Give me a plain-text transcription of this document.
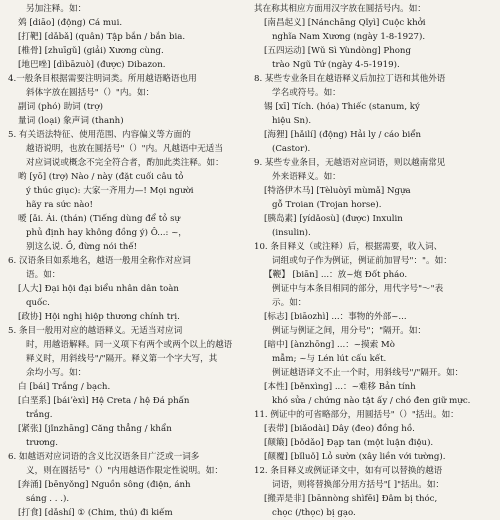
另加注释。如：
䴔 [diāo] (động) Cá mui.
[打靶] [dǎbǎ] (quân) Tập bắn / bắn bia.
[椎骨] [zhuīgǔ] (giải) Xương cùng.
[地巴唑] [dìbāzuò] (được) Dibazon.
4.一般条目根据需要注明词类。所用越语略语也用
斜体字放在圆括号"（）"内。如：
副词 (phó) 助词 (trợ)
量词 (loại) 象声词 (thanh)
5. 有关语法特征、使用范围、内容偏义等方面的
越语说明，也放在圆括号"（）"内。凡越语中无适当
对应词说或概念不完全符合者，酌加此类注释。如：
哟 [yō] (trợ) Nào / này (đặt cuối câu tỏ
ý thúc giục): 大家一齐用力—! Mọi người
hãy ra sức nào!
嗳 [ǎi. Ái. (thán) (Tiếng dùng để tỏ sự
phủ định hay không đồng ý) Ô...: ~，
别这么说. Ồ, đừng nói thế!
6. 汉语条目如系地名，越语一般用全称作对应词
语。如：
[人大] Đại hội đại biểu nhân dân toàn
quốc.
[政协] Hội nghị hiệp thương chính trị.
5. 条目一般用对应的越语释义。无适当对应词
时，用越语解释。同一义项下有两个或两个以上的越语
释义时，用斜线号"/"隔开。释义第一个字大写，其
余均小写。如：
白 [bái] Trắng / bạch.
[白垩系] [báiʼèxì] Hệ Creta / hệ Đá phấn
trắng.
[紧张] [jǐnzhāng] Căng thẳng / khẩn
trương.
6. 如越语对应词语的含义比汉语条目广泛或一词多
义，则在圆括号"（）"内用越语作限定性说明。如：
[奔涌] [bēnyǒng] Nguồn sông (điện, ánh
sáng . . .).
[打食] [dǎshí] ① (Chim, thú) đi kiếm
其在称其相应方面用汉字放在圆括号内。如：
[南昌起义] [Nánchāng Qǐyì] Cuộc khởi
nghĩa Nam Xương (ngày 1-8-1927).
[五四运动] [Wǔ Sì Yùndòng] Phong
trào Ngũ Tứ (ngày 4-5-1919).
8. 某些专业条目在越语释义后加拉丁语和其他外语
学名或符号。如：
锡 [xī] Tích. (hóa) Thiếc (stanum, ký
hiệu Sn).
[海狸] [hǎilí] (động) Hải ly / cáo biển
(Castor).
9. 某些专业条目，无越语对应词语，则以越南常见
外来语释义。如：
[特洛伊木马] [Tèluòyī mùmǎ] Ngựa
gỗ Troian (Trojan horse).
[胰岛素] [yídǎosù] (được) Inxulin
(insulin).
10. 条目释义（或注释）后，根据需要，收入词、
词组或句子作为例证，例证前加冒号"："。如：
【鞭】 [biān] ...：放~炮 Đốt pháo.
例证中与本条目相同的部分，用代字号"～"表
示。如：
[标志] [biāozhì] ...：事物的外部~...
例证与例证之间，用分号"；"隔开。如：
[暗中] [ànzhōng] ...：~摸索 Mò
mẫm; ~与 Lén lút cấu kết.
例证越语译文不止一个时，用斜线号"/"隔开。如：
[本性] [běnxìng] ...：~难移 Bản tính
khó sửa / chứng nào tật ấy / chó đen giữ mực.
11. 例证中的可省略部分，用圆括号"（）"括出。如：
[表带] [biǎodài] Dây (đeo) đồng hồ.
[颠簸] [bǒdǎo] Đạp tan (một luận điệu).
[颠覆] [bǐluǒ] Lỏ sườn (xây liền với tường).
12. 条目释义或例证译文中，如有可以替换的越语
词语，则将替换部分用方括号"[ ]"括出。如：
[搬弄是非] [bānnòng shìfēi] Đâm bị thóc,
chọc (/thọc) bị gạo.
